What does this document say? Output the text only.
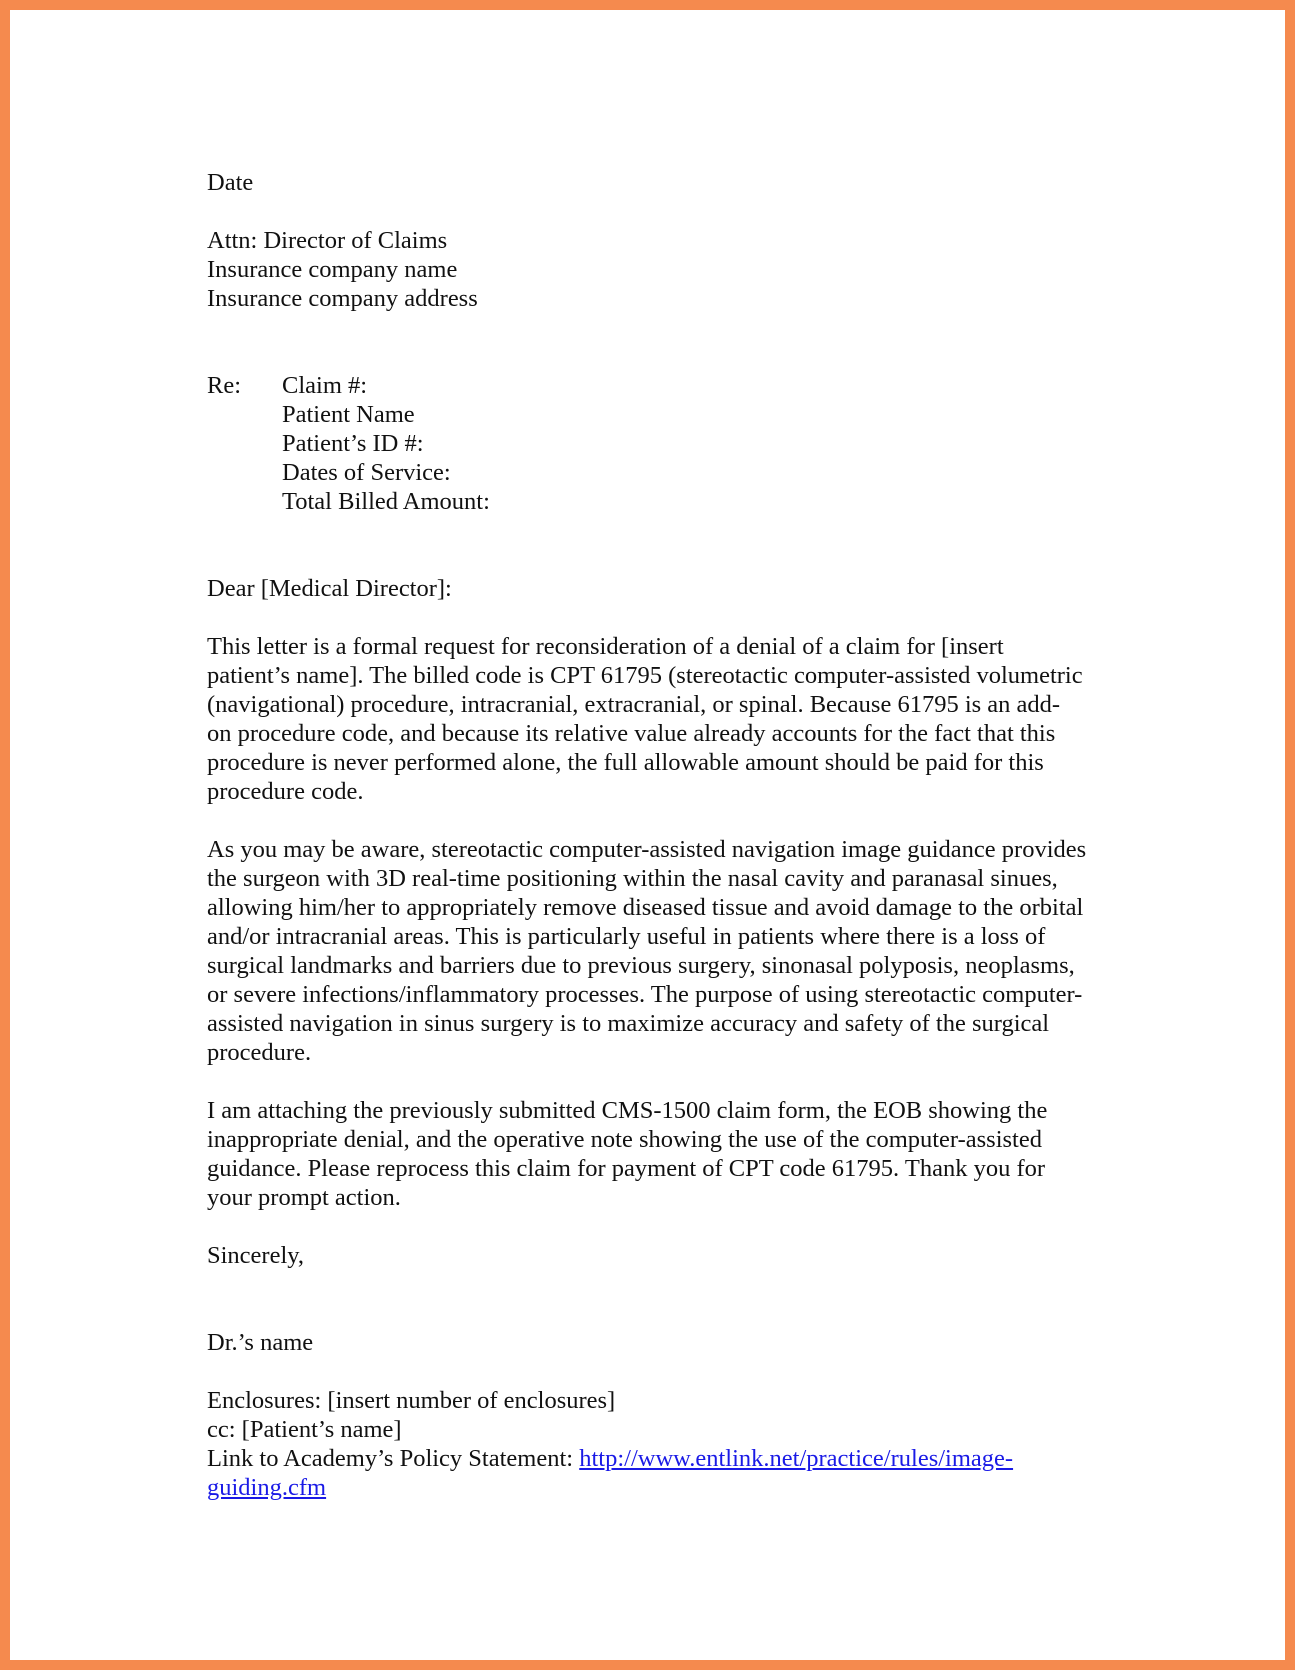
Date
Attn: Director of Claims
Insurance company name
Insurance company address
Re: Claim #:
Patient Name
Patient’s ID #:
Dates of Service:
Total Billed Amount:
Dear [Medical Director]:

This letter is a formal request for reconsideration of a denial of a claim for [insert
patient’s name]. The billed code is CPT 61795 (stereotactic computer-assisted volumetric
(navigational) procedure, intracranial, extracranial, or spinal. Because 61795 is an add-
on procedure code, and because its relative value already accounts for the fact that this
procedure is never performed alone, the full allowable amount should be paid for this
procedure code.

As you may be aware, stereotactic computer-assisted navigation image guidance provides
the surgeon with 3D real-time positioning within the nasal cavity and paranasal sinues,
allowing him/her to appropriately remove diseased tissue and avoid damage to the orbital
and/or intracranial areas. This is particularly useful in patients where there is a loss of
surgical landmarks and barriers due to previous surgery, sinonasal polyposis, neoplasms,
or severe infections/inflammatory processes. The purpose of using stereotactic computer-
assisted navigation in sinus surgery is to maximize accuracy and safety of the surgical
procedure.

I am attaching the previously submitted CMS-1500 claim form, the EOB showing the
inappropriate denial, and the operative note showing the use of the computer-assisted
guidance. Please reprocess this claim for payment of CPT code 61795. Thank you for
your prompt action.

Sincerely,
Dr.’s name
Enclosures: [insert number of enclosures]
cc: [Patient’s name]
Link to Academy’s Policy Statement: http://www.entlink.net/practice/rules/image-
guiding.cfm
